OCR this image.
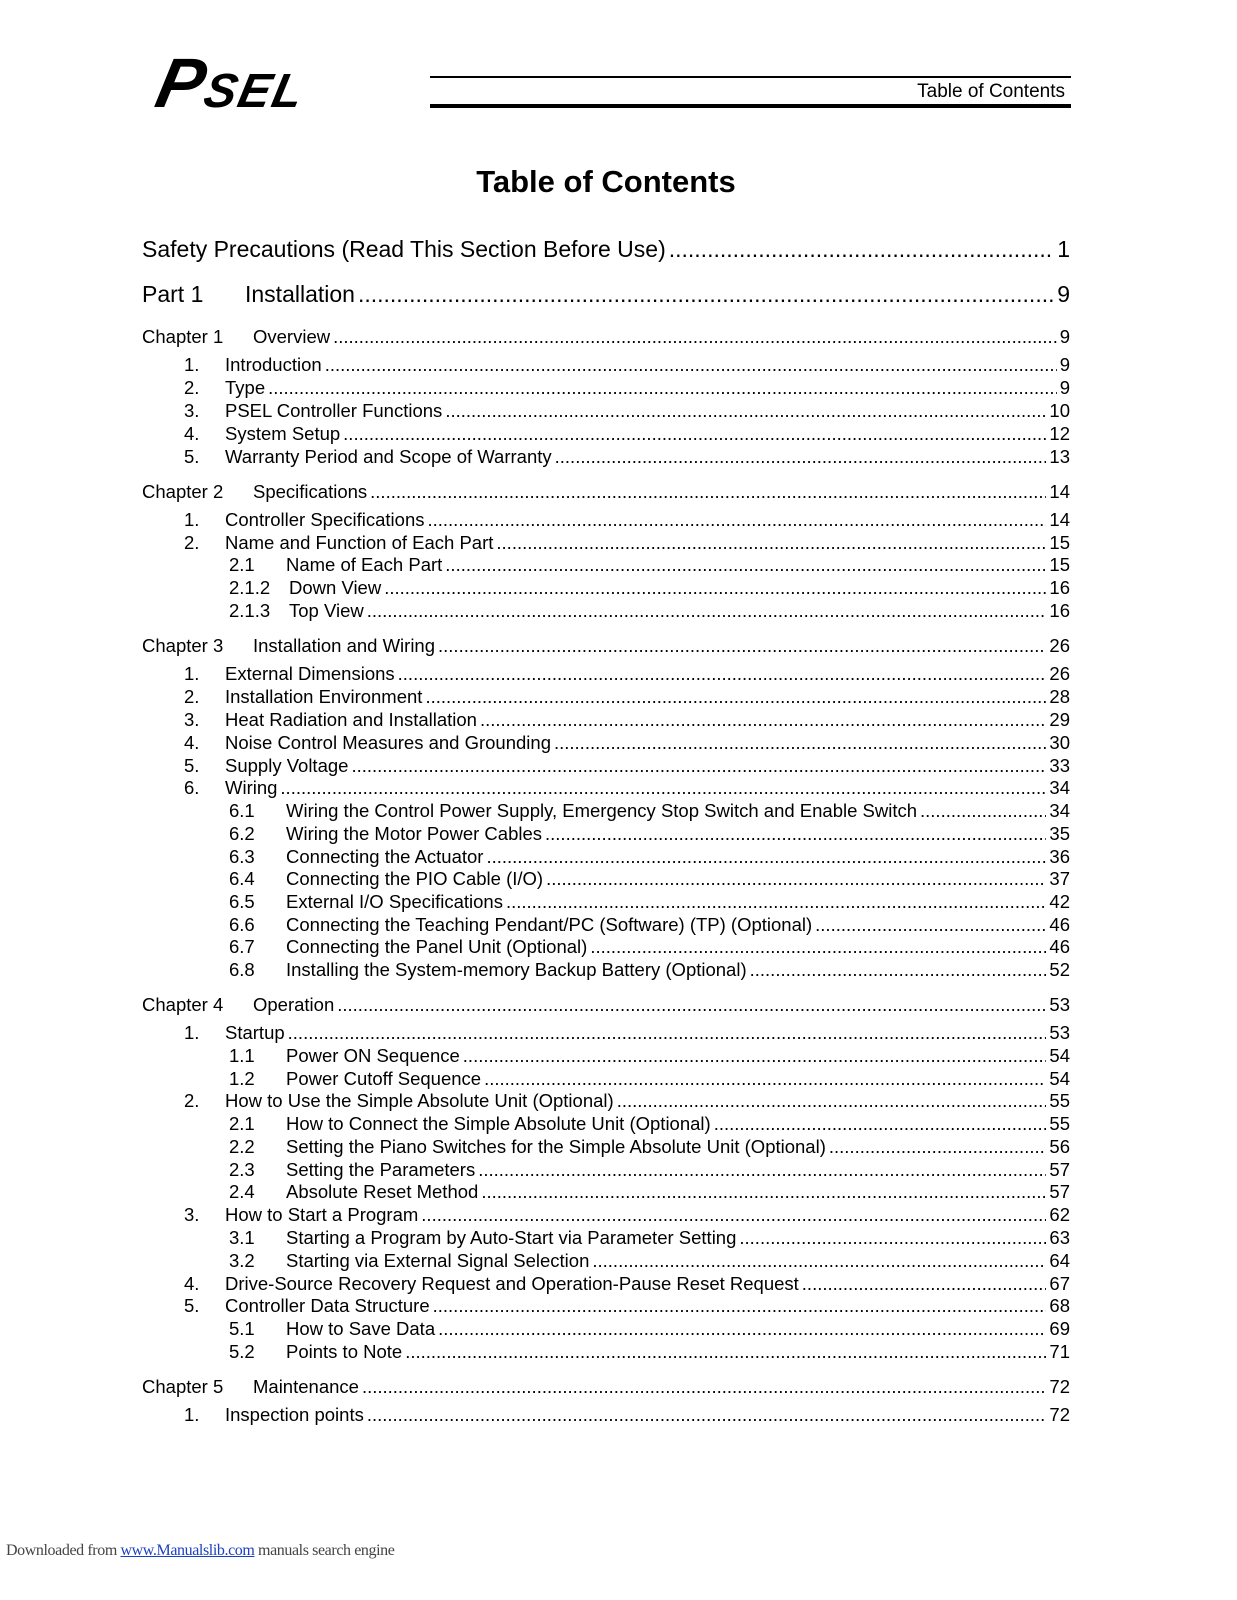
PSEL	Table of Contents
Table of Contents
Safety Precautions (Read This Section Before Use) .....	1
Part 1	Installation .....	9
Chapter 1	Overview .....	9
1.	Introduction .....	9
2.	Type .....	9
3.	PSEL Controller Functions .....	10
4.	System Setup .....	12
5.	Warranty Period and Scope of Warranty .....	13
Chapter 2	Specifications .....	14
1.	Controller Specifications .....	14
2.	Name and Function of Each Part .....	15
2.1	Name of Each Part .....	15
2.1.2	Down View .....	16
2.1.3	Top View .....	16
Chapter 3	Installation and Wiring .....	26
1.	External Dimensions .....	26
2.	Installation Environment .....	28
3.	Heat Radiation and Installation .....	29
4.	Noise Control Measures and Grounding .....	30
5.	Supply Voltage .....	33
6.	Wiring .....	34
6.1	Wiring the Control Power Supply, Emergency Stop Switch and Enable Switch .....	34
6.2	Wiring the Motor Power Cables .....	35
6.3	Connecting the Actuator .....	36
6.4	Connecting the PIO Cable (I/O) .....	37
6.5	External I/O Specifications .....	42
6.6	Connecting the Teaching Pendant/PC (Software) (TP) (Optional) .....	46
6.7	Connecting the Panel Unit (Optional) .....	46
6.8	Installing the System-memory Backup Battery (Optional) .....	52
Chapter 4	Operation .....	53
1.	Startup .....	53
1.1	Power ON Sequence .....	54
1.2	Power Cutoff Sequence .....	54
2.	How to Use the Simple Absolute Unit (Optional) .....	55
2.1	How to Connect the Simple Absolute Unit (Optional) .....	55
2.2	Setting the Piano Switches for the Simple Absolute Unit (Optional) .....	56
2.3	Setting the Parameters .....	57
2.4	Absolute Reset Method .....	57
3.	How to Start a Program .....	62
3.1	Starting a Program by Auto-Start via Parameter Setting .....	63
3.2	Starting via External Signal Selection .....	64
4.	Drive-Source Recovery Request and Operation-Pause Reset Request .....	67
5.	Controller Data Structure .....	68
5.1	How to Save Data .....	69
5.2	Points to Note .....	71
Chapter 5	Maintenance .....	72
1.	Inspection points .....	72
Downloaded from www.Manualslib.com manuals search engine
